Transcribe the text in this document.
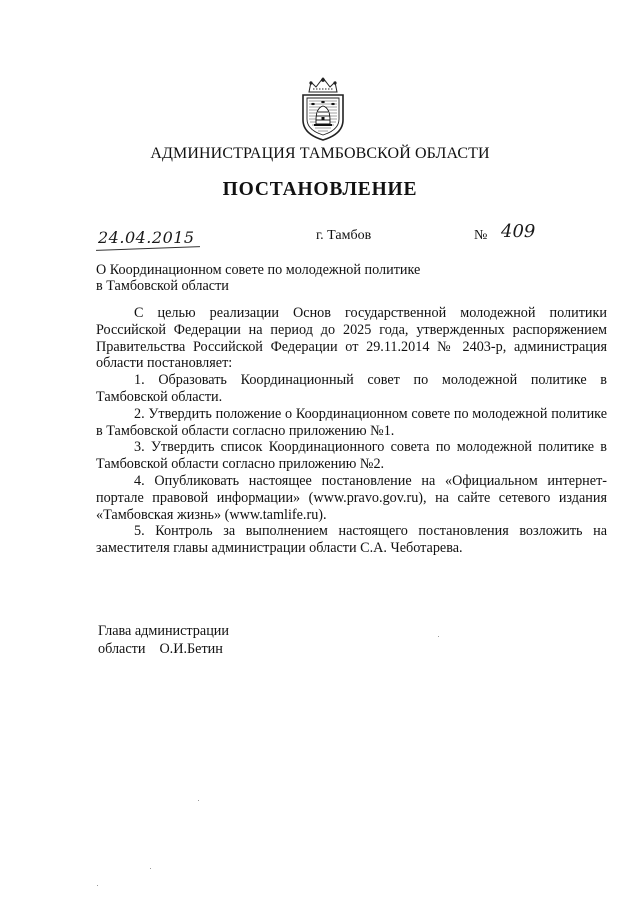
АДМИНИСТРАЦИЯ ТАМБОВСКОЙ ОБЛАСТИ
ПОСТАНОВЛЕНИЕ
24.04.2015	г. Тамбов	№ 409
О Координационном совете по молодежной политике
в Тамбовской области

С целью реализации Основ государственной молодежной политики Российской Федерации на период до 2025 года, утвержденных распоряжением Правительства Российской Федерации от 29.11.2014 № 2403-р, администрация области постановляет:

1. Образовать Координационный совет по молодежной политике в Тамбовской области.

2. Утвердить положение о Координационном совете по молодежной политике в Тамбовской области согласно приложению №1.

3. Утвердить список Координационного совета по молодежной политике в Тамбовской области согласно приложению №2.

4. Опубликовать настоящее постановление на «Официальном интернет-портале правовой информации» (www.pravo.gov.ru), на сайте сетевого издания «Тамбовская жизнь» (www.tamlife.ru).

5. Контроль за выполнением настоящего постановления возложить на заместителя главы администрации области С.А. Чеботарева.

Глава администрации
области О.И.Бетин
